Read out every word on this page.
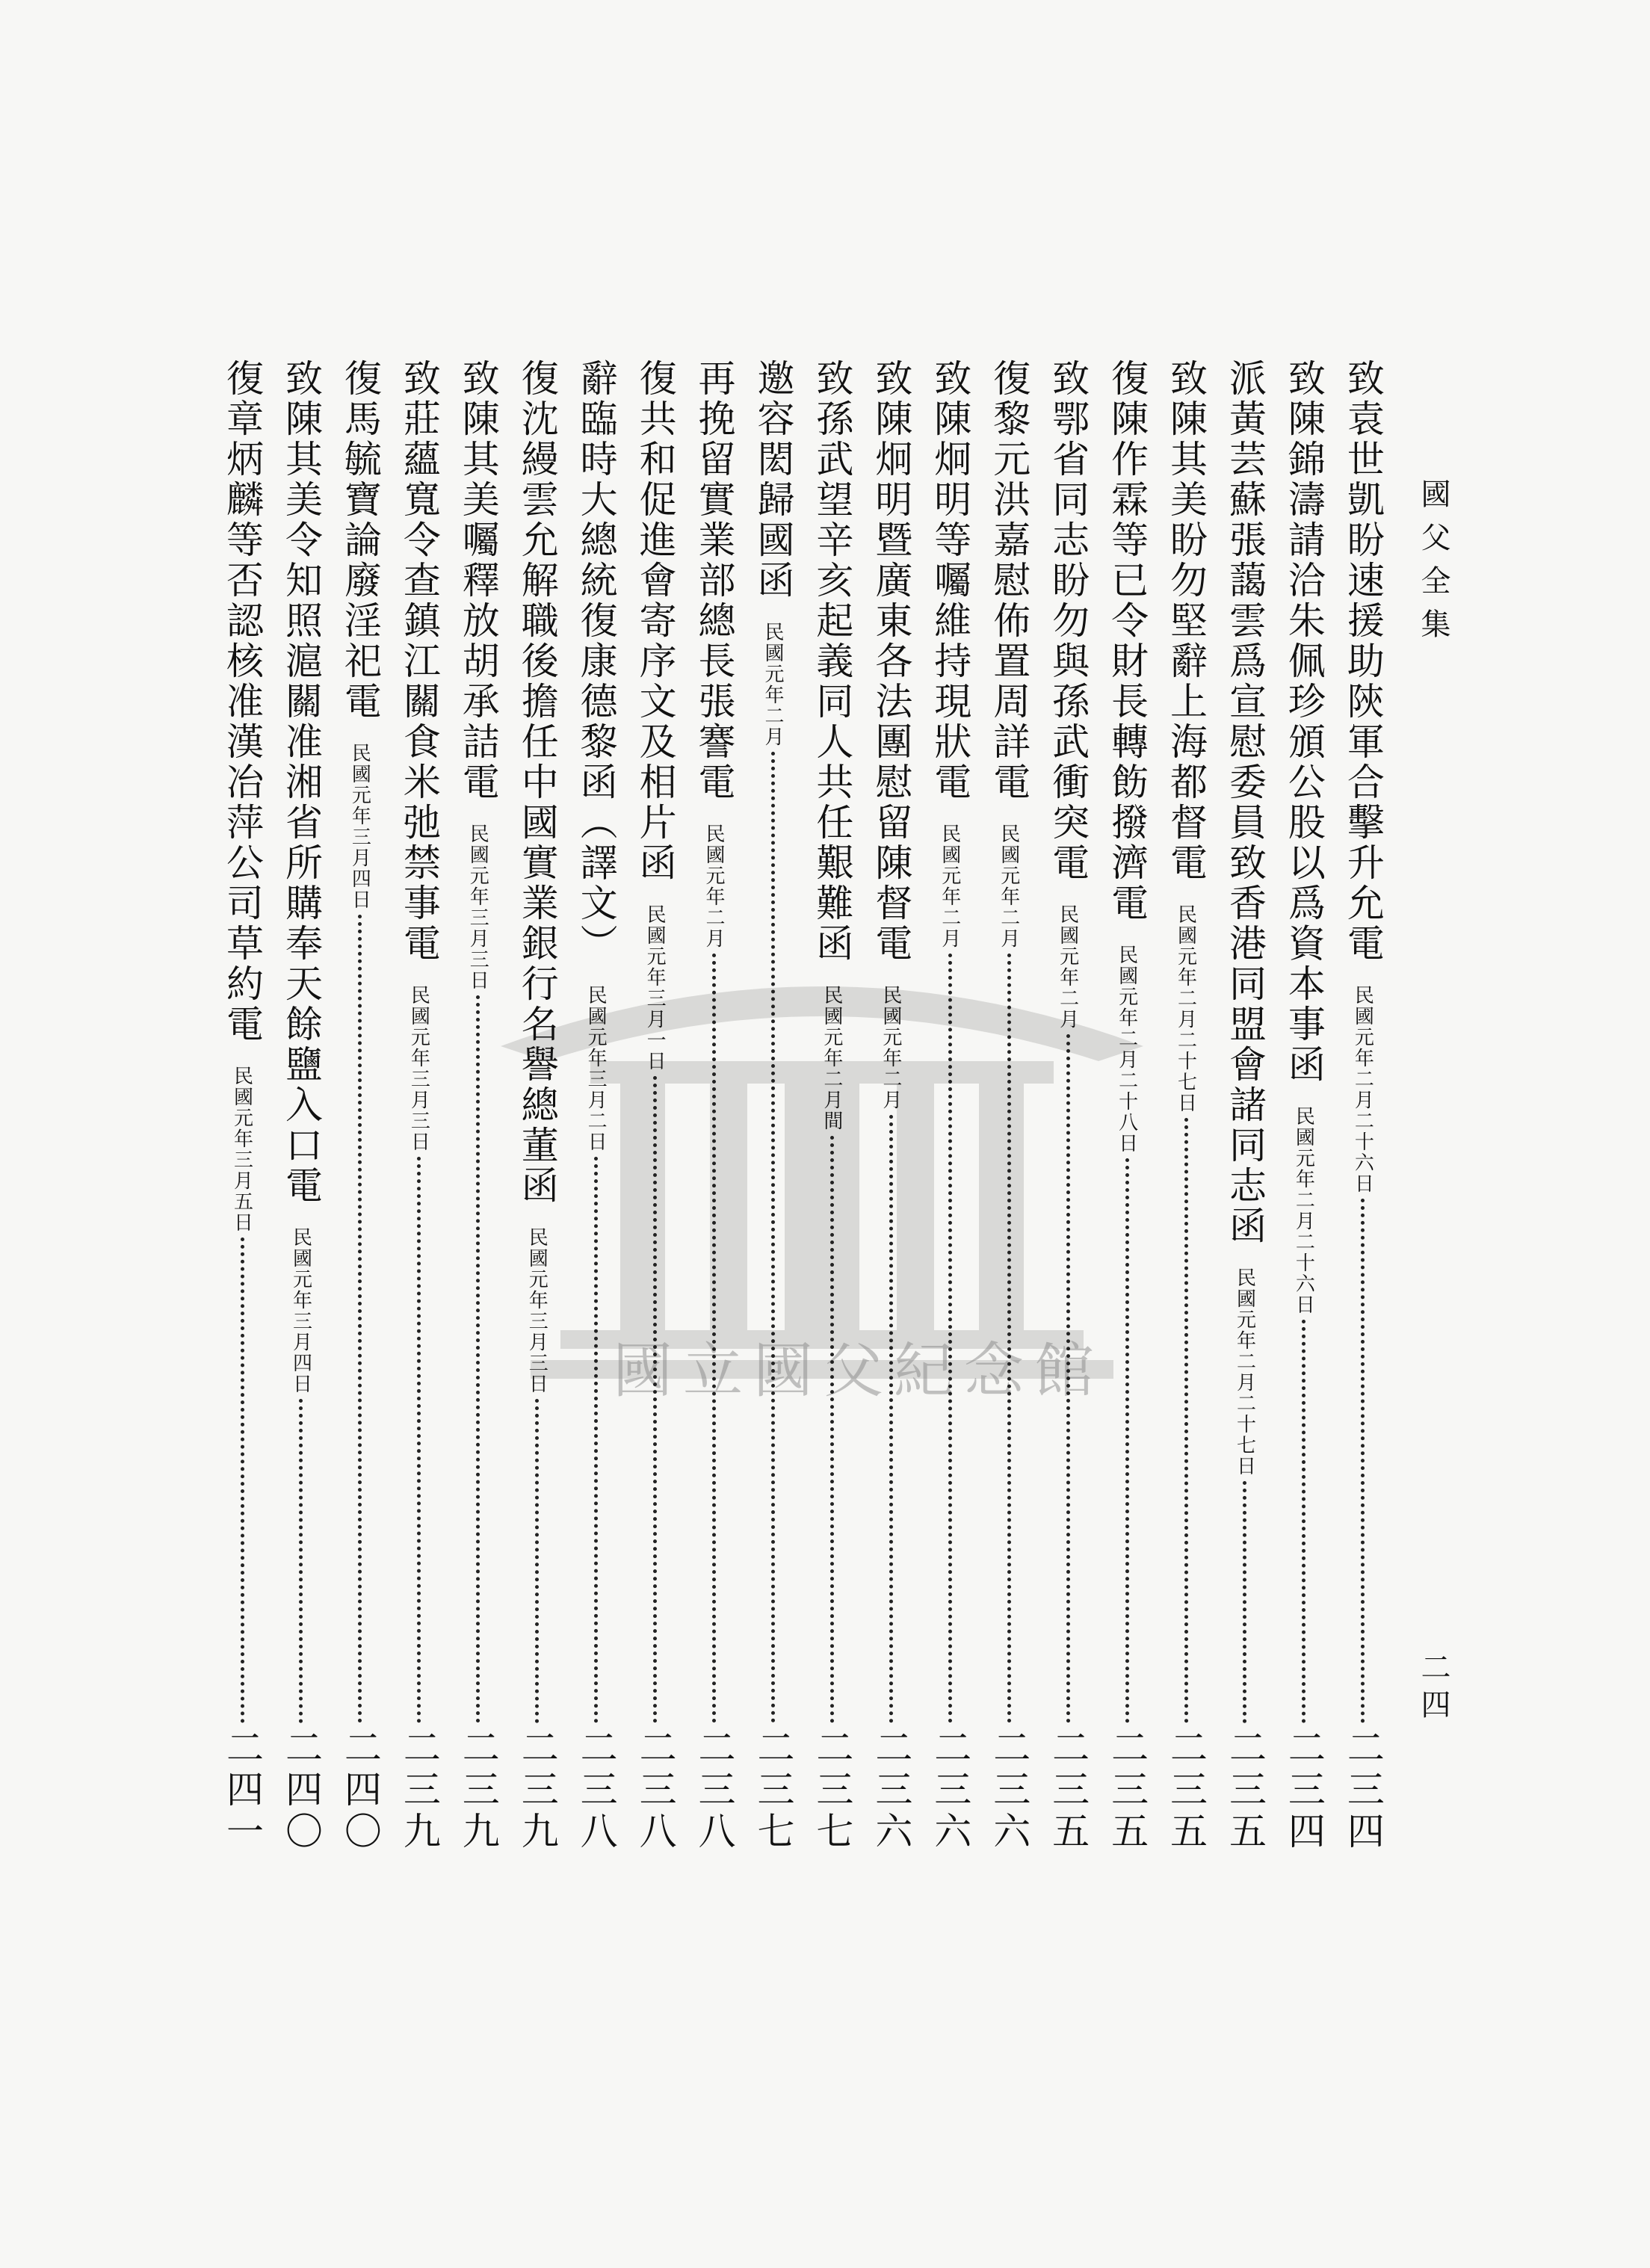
國父全集
二四
國立國父紀念館
致袁世凱盼速援助陝軍合擊升允電
民國元年二月二十六日
二三四
致陳錦濤請洽朱佩珍頒公股以爲資本事函
民國元年二月二十六日
二三四
派黃芸蘇張藹雲爲宣慰委員致香港同盟會諸同志函
民國元年二月二十七日
二三五
致陳其美盼勿堅辭上海都督電
民國元年二月二十七日
二三五
復陳作霖等已令財長轉飭撥濟電
民國元年二月二十八日
二三五
致鄂省同志盼勿與孫武衝突電
民國元年二月
二三五
復黎元洪嘉慰佈置周詳電
民國元年二月
二三六
致陳炯明等囑維持現狀電
民國元年二月
二三六
致陳炯明暨廣東各法團慰留陳督電
民國元年二月
二三六
致孫武望辛亥起義同人共任艱難函
民國元年二月間
二三七
邀容閎歸國函
民國元年二月
二三七
再挽留實業部總長張謇電
民國元年二月
二三八
復共和促進會寄序文及相片函
民國元年三月一日
二三八
辭臨時大總統復康德黎函（譯文）
民國元年三月二日
二三八
復沈縵雲允解職後擔任中國實業銀行名譽總董函
民國元年三月三日
二三九
致陳其美囑釋放胡承詰電
民國元年三月三日
二三九
致莊蘊寬令查鎮江關食米弛禁事電
民國元年三月三日
二三九
復馬毓寶論廢淫祀電
民國元年三月四日
二四〇
致陳其美令知照滬關准湘省所購奉天餘鹽入口電
民國元年三月四日
二四〇
復章炳麟等否認核准漢冶萍公司草約電
民國元年三月五日
二四一
